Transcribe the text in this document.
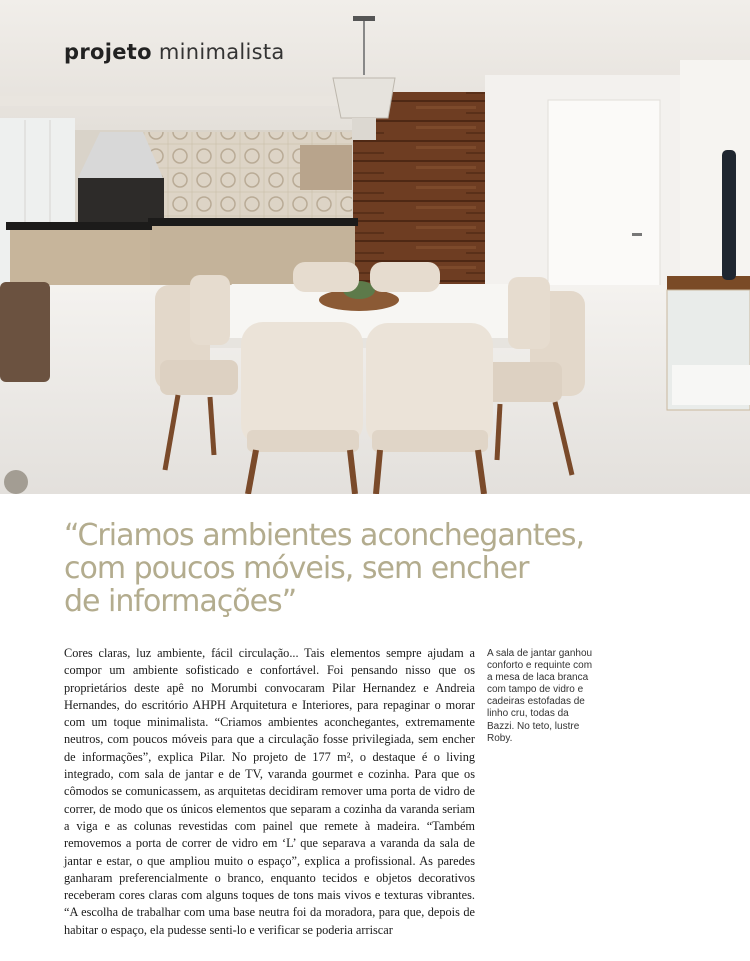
projeto minimalista
“Criamos ambientes aconchegantes,
com poucos móveis, sem encher
de informações”

Cores claras, luz ambiente, fácil circulação... Tais elementos sempre ajudam a compor um ambiente sofisticado e confortável. Foi pensando nisso que os proprietários deste apê no Morumbi convocaram Pilar Hernandez e Andreia Hernandes, do escritório AHPH Arquitetura e Interiores, para repaginar o morar com um toque minimalista. “Criamos ambientes aconchegantes, extremamente neutros, com poucos móveis para que a circulação fosse privilegiada, sem encher de informações”, explica Pilar. No projeto de 177 m², o destaque é o living integrado, com sala de jantar e de TV, varanda gourmet e cozinha. Para que os cômodos se comunicassem, as arquitetas decidiram remover uma porta de vidro de correr, de modo que os únicos elementos que separam a cozinha da varanda seriam a viga e as colunas revestidas com painel que remete à madeira. “Também removemos a porta de correr de vidro em ‘L’ que separava a varanda da sala de jantar e estar, o que ampliou muito o espaço”, explica a profissional. As paredes ganharam preferencialmente o branco, enquanto tecidos e objetos decorativos receberam cores claras com alguns toques de tons mais vivos e texturas vibrantes. “A escolha de trabalhar com uma base neutra foi da moradora, para que, depois de habitar o espaço, ela pudesse senti-lo e verificar se poderia arriscar

A sala de jantar ganhou conforto e requinte com a mesa de laca branca com tampo de vidro e cadeiras estofadas de linho cru, todas da Bazzi. No teto, lustre Roby.
